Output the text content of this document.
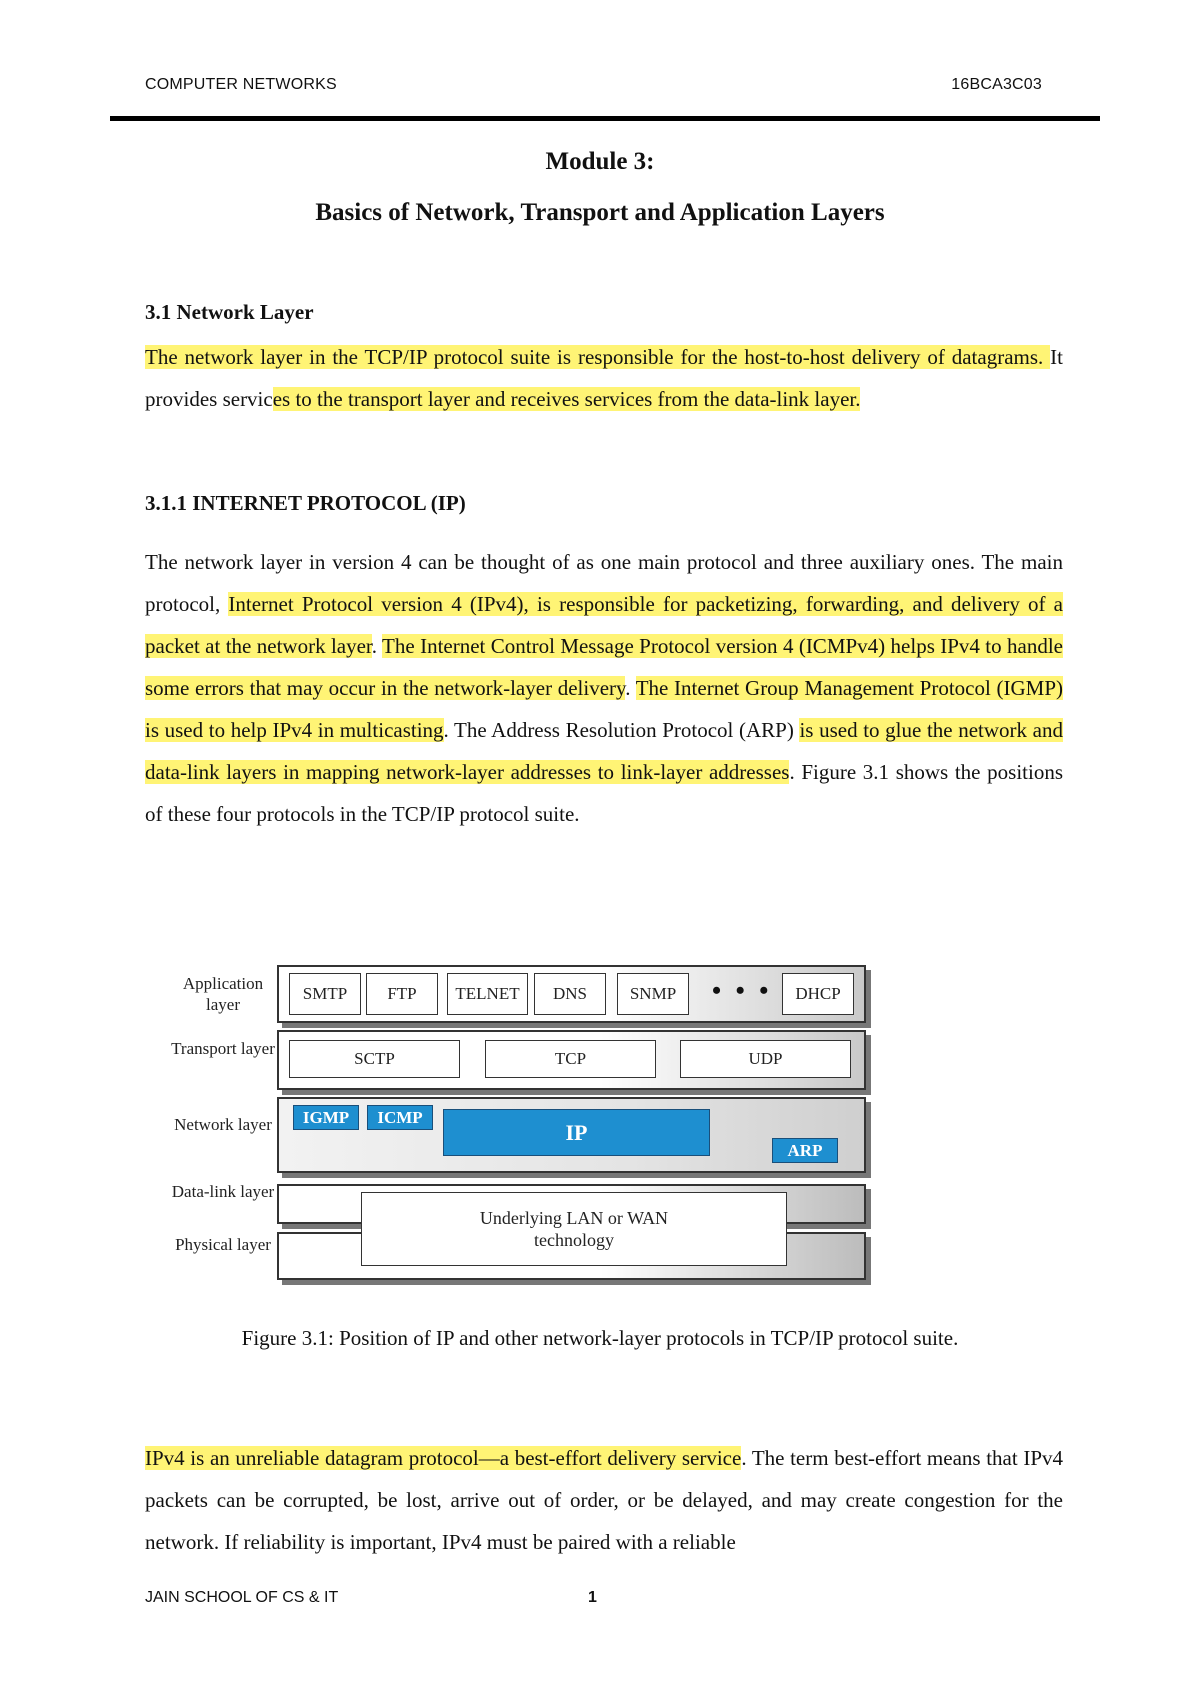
COMPUTER NETWORKS	16BCA3C03
Module 3:
Basics of Network, Transport and Application Layers
3.1 Network Layer

The network layer in the TCP/IP protocol suite is responsible for the host-to-host delivery of datagrams. It provides services to the transport layer and receives services from the data-link layer.

3.1.1 INTERNET PROTOCOL (IP)

The network layer in version 4 can be thought of as one main protocol and three auxiliary ones. The main protocol, Internet Protocol version 4 (IPv4), is responsible for packetizing, forwarding, and delivery of a packet at the network layer. The Internet Control Message Protocol version 4 (ICMPv4) helps IPv4 to handle some errors that may occur in the network-layer delivery. The Internet Group Management Protocol (IGMP) is used to help IPv4 in multicasting. The Address Resolution Protocol (ARP) is used to glue the network and data-link layers in mapping network-layer addresses to link-layer addresses. Figure 3.1 shows the positions of these four protocols in the TCP/IP protocol suite.

Application layer
Transport layer
Network layer
Data-link layer
Physical layer
SMTP	FTP	TELNET	DNS	SNMP	• • •	DHCP
SCTP	TCP	UDP
IGMP	ICMP
IP
ARP
Underlying LAN or WAN
technology
Figure 3.1: Position of IP and other network-layer protocols in TCP/IP protocol suite.

IPv4 is an unreliable datagram protocol—a best-effort delivery service. The term best-effort means that IPv4 packets can be corrupted, be lost, arrive out of order, or be delayed, and may create congestion for the network. If reliability is important, IPv4 must be paired with a reliable

JAIN SCHOOL OF CS & IT	1
